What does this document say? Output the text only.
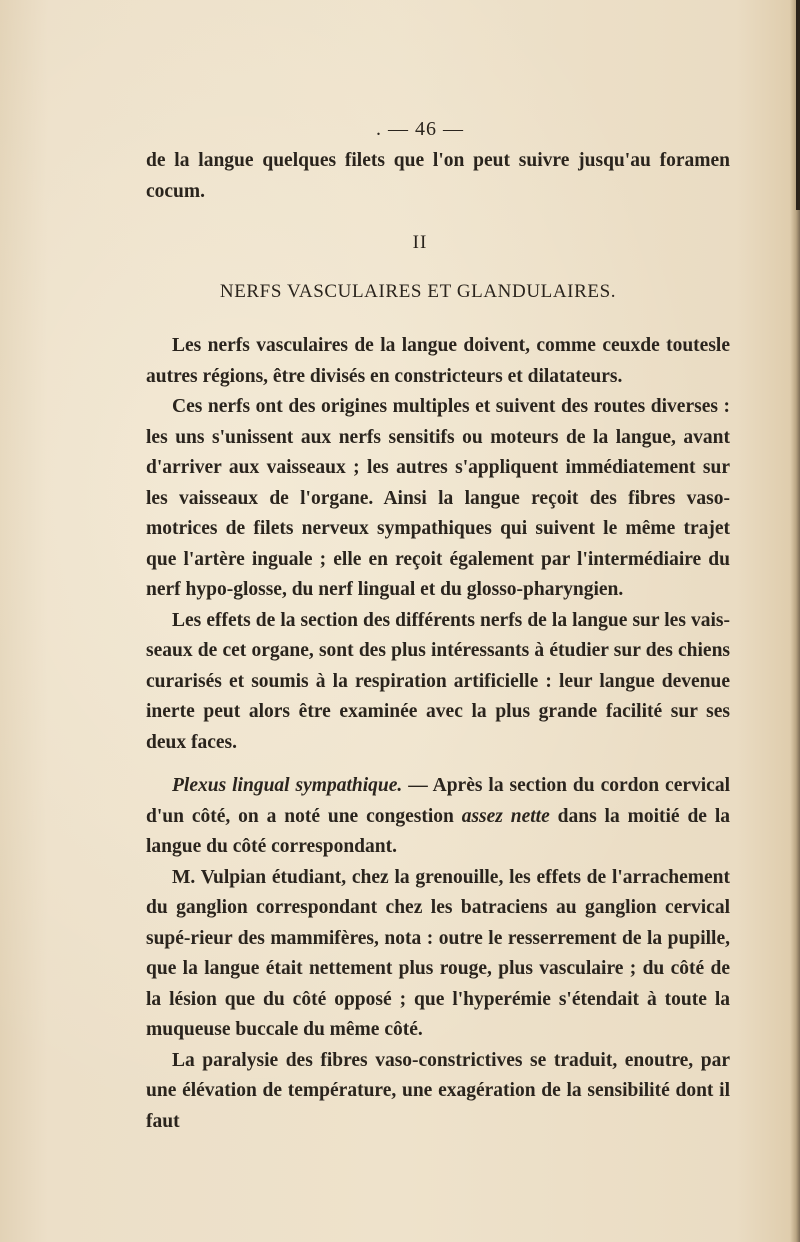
. — 46 —

de la langue quelques filets que l'on peut suivre jusqu'au foramen cocum.

II
NERFS VASCULAIRES ET GLANDULAIRES.

Les nerfs vasculaires de la langue doivent, comme ceuxde toutesle autres régions, être divisés en constricteurs et dilatateurs.

Ces nerfs ont des origines multiples et suivent des routes diverses : les uns s'unissent aux nerfs sensitifs ou moteurs de la langue, avant d'arriver aux vaisseaux ; les autres s'appliquent immédiatement sur les vaisseaux de l'organe. Ainsi la langue reçoit des fibres vaso-motrices de filets nerveux sympathiques qui suivent le même trajet que l'artère inguale ; elle en reçoit également par l'intermédiaire du nerf hypo-glosse, du nerf lingual et du glosso-pharyngien.

Les effets de la section des différents nerfs de la langue sur les vais-seaux de cet organe, sont des plus intéressants à étudier sur des chiens curarisés et soumis à la respiration artificielle : leur langue devenue inerte peut alors être examinée avec la plus grande facilité sur ses deux faces.

Plexus lingual sympathique. — Après la section du cordon cervical d'un côté, on a noté une congestion assez nette dans la moitié de la langue du côté correspondant.

M. Vulpian étudiant, chez la grenouille, les effets de l'arrachement du ganglion correspondant chez les batraciens au ganglion cervical supé-rieur des mammifères, nota : outre le resserrement de la pupille, que la langue était nettement plus rouge, plus vasculaire ; du côté de la lésion que du côté opposé ; que l'hyperémie s'étendait à toute la muqueuse buccale du même côté.

La paralysie des fibres vaso-constrictives se traduit, enoutre, par une élévation de température, une exagération de la sensibilité dont il faut
